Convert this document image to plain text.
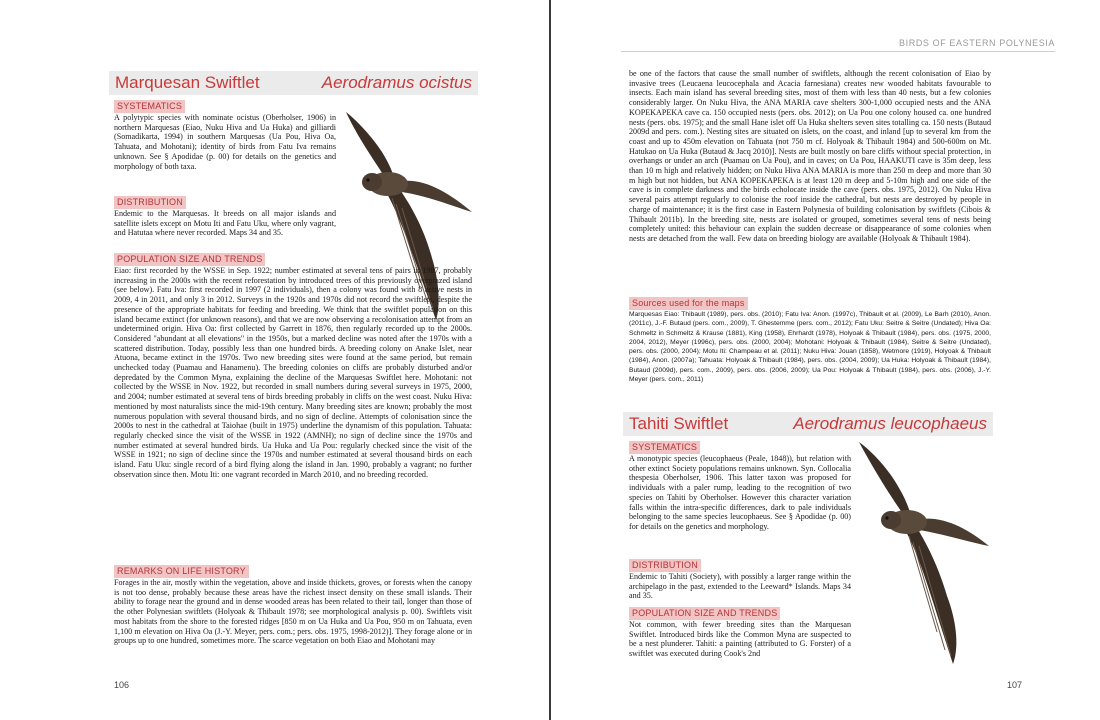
Marquesan Swiftlet	Aerodramus ocistus
SYSTEMATICS

A polytypic species with nominate ocistus (Oberholser, 1906) in northern Marquesas (Eiao, Nuku Hiva and Ua Huka) and gilliardi (Somadikarta, 1994) in southern Marquesas (Ua Pou, Hiva Oa, Tahuata, and Mohotani); identity of birds from Fatu Iva remains unknown. See § Apodidae (p. 00) for details on the genetics and morphology of both taxa.

DISTRIBUTION

Endemic to the Marquesas. It breeds on all major islands and satellite islets except on Motu Iti and Fatu Uku, where only vagrant, and Hatutaa where never recorded. Maps 34 and 35.

POPULATION SIZE AND TRENDS

Eiao: first recorded by the WSSE in Sep. 1922; number estimated at several tens of pairs in 1987, probably increasing in the 2000s with the recent reforestation by introduced trees of this previously overgrazed island (see below). Fatu Iva: first recorded in 1997 (2 individuals), then a colony was found with 8 active nests in 2009, 4 in 2011, and only 3 in 2012. Surveys in the 1920s and 1970s did not record the swiftlets, despite the presence of the appropriate habitats for feeding and breeding. We think that the swiftlet population on this island became extinct (for unknown reasons), and that we are now observing a recolonisation attempt from an undetermined origin. Hiva Oa: first collected by Garrett in 1876, then regularly recorded up to the 2000s. Considered "abundant at all elevations" in the 1950s, but a marked decline was noted after the 1970s with a scattered distribution. Today, possibly less than one hundred birds. A breeding colony on Anake Islet, near Atuona, became extinct in the 1970s. Two new breeding sites were found at the same period, but remain unchecked today (Puamau and Hanamenu). The breeding colonies on cliffs are probably disturbed and/or depredated by the Common Myna, explaining the decline of the Marquesas Swiftlet here. Mohotani: not collected by the WSSE in Nov. 1922, but recorded in small numbers during several surveys in 1975, 2000, and 2004; number estimated at several tens of birds breeding probably in cliffs on the west coast. Nuku Hiva: mentioned by most naturalists since the mid-19th century. Many breeding sites are known; probably the most numerous population with several thousand birds, and no sign of decline. Attempts of colonisation since the 2000s to nest in the cathedral at Taiohae (built in 1975) underline the dynamism of this population. Tahuata: regularly checked since the visit of the WSSE in 1922 (AMNH); no sign of decline since the 1970s and number estimated at several hundred birds. Ua Huka and Ua Pou: regularly checked since the visit of the WSSE in 1921; no sign of decline since the 1970s and number estimated at several thousand birds on each island. Fatu Uku: single record of a bird flying along the island in Jan. 1990, probably a vagrant; no further observation since then. Motu Iti: one vagrant recorded in March 2010, and no breeding recorded.

REMARKS ON LIFE HISTORY

Forages in the air, mostly within the vegetation, above and inside thickets, groves, or forests when the canopy is not too dense, probably because these areas have the richest insect density on these small islands. Their ability to forage near the ground and in dense wooded areas has been related to their tail, longer than those of the other Polynesian swiftlets (Holyoak & Thibault 1978; see morphological analysis p. 00). Swiftlets visit most habitats from the shore to the forested ridges [850 m on Ua Huka and Ua Pou, 950 m on Tahuata, even 1,100 m elevation on Hiva Oa (J.-Y. Meyer, pers. com.; pers. obs. 1975, 1998-2012)]. They forage alone or in groups up to one hundred, sometimes more. The scarce vegetation on both Eiao and Mohotani may

106
BIRDS OF EASTERN POLYNESIA

be one of the factors that cause the small number of swiftlets, although the recent colonisation of Eiao by invasive trees (Leucaena leucocephala and Acacia farnesiana) creates new wooded habitats favourable to insects. Each main island has several breeding sites, most of them with less than 40 nests, but a few colonies considerably larger. On Nuku Hiva, the ANA MARIA cave shelters 300-1,000 occupied nests and the ANA KOPEKAPEKA cave ca. 150 occupied nests (pers. obs. 2012); on Ua Pou one colony housed ca. one hundred nests (pers. obs. 1975); and the small Hane islet off Ua Huka shelters seven sites totalling ca. 150 nests (Butaud 2009d and pers. com.). Nesting sites are situated on islets, on the coast, and inland [up to several km from the coast and up to 450m elevation on Tahuata (not 750 m cf. Holyoak & Thibault 1984) and 500-600m on Mt. Hatukao on Ua Huka (Butaud & Jacq 2010)]. Nests are built mostly on bare cliffs without special protection, in overhangs or under an arch (Puamau on Ua Pou), and in caves; on Ua Pou, HAAKUTI cave is 35m deep, less than 10 m high and relatively hidden; on Nuku Hiva ANA MARIA is more than 250 m deep and more than 30 m high but not hidden, but ANA KOPEKAPEKA is at least 120 m deep and 5-10m high and one side of the cave is in complete darkness and the birds echolocate inside the cave (pers. obs. 1975, 2012). On Nuku Hiva several pairs attempt regularly to colonise the roof inside the cathedral, but nests are destroyed by people in charge of maintenance; it is the first case in Eastern Polynesia of building colonisation by swiftlets (Cibois & Thibault 2011b). In the breeding site, nests are isolated or grouped, sometimes several tens of nests being completely united: this behaviour can explain the sudden decrease or disappearance of some colonies when nests are detached from the wall. Few data on breeding biology are available (Holyoak & Thibault 1984).

Sources used for the maps

Marquesas Eiao: Thibault (1989), pers. obs. (2010); Fatu Iva: Anon. (1997c), Thibault et al. (2009), Le Barh (2010), Anon. (2011c), J.-F. Butaud (pers. com., 2009), T. Ghestemme (pers. com., 2012); Fatu Uku: Seitre & Seitre (Undated); Hiva Oa: Schmeltz in Schmeltz & Krause (1881), King (1958), Ehrhardt (1978), Holyoak & Thibault (1984), pers. obs. (1975, 2000, 2004, 2012), Meyer (1996c), pers. obs. (2000, 2004); Mohotani: Holyoak & Thibault (1984), Seitre & Seitre (Undated), pers. obs. (2000, 2004); Motu Iti: Champeau et al. (2011); Nuku Hiva: Jouan (1858), Wetmore (1919), Holyoak & Thibault (1984), Anon. (2007a); Tahuata: Holyoak & Thibault (1984), pers. obs. (2004, 2009); Ua Huka: Holyoak & Thibault (1984), Butaud (2009d), pers. com., 2009), pers. obs. (2006, 2009); Ua Pou: Holyoak & Thibault (1984), pers. obs. (2006), J.-Y. Meyer (pers. com., 2011)

Tahiti Swiftlet	Aerodramus leucophaeus
SYSTEMATICS

A monotypic species (leucophaeus (Peale, 1848)), but relation with other extinct Society populations remains unknown. Syn. Collocalia thespesia Oberholser, 1906. This latter taxon was proposed for individuals with a paler rump, leading to the recognition of two species on Tahiti by Oberholser. However this character variation falls within the intra-specific differences, dark to pale individuals belonging to the same species leucophaeus. See § Apodidae (p. 00) for details on the genetics and morphology.

DISTRIBUTION

Endemic to Tahiti (Society), with possibly a larger range within the archipelago in the past, extended to the Leeward* Islands. Maps 34 and 35.

POPULATION SIZE AND TRENDS

Not common, with fewer breeding sites than the Marquesan Swiftlet. Introduced birds like the Common Myna are suspected to be a nest plunderer. Tahiti: a painting (attributed to G. Forster) of a swiftlet was executed during Cook's 2nd

107
